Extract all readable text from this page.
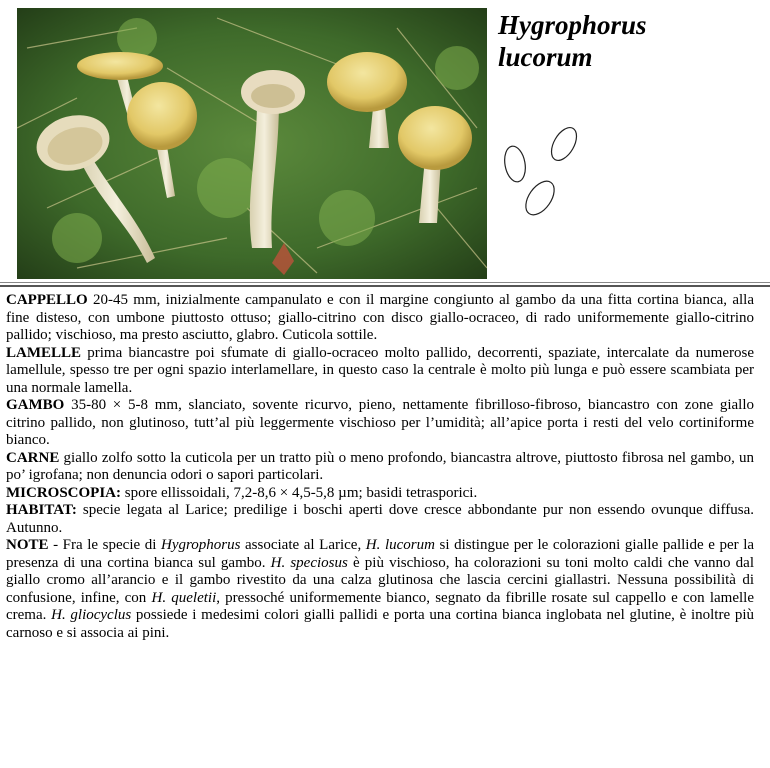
Hygrophorus
lucorum

CAPPELLO 20-45 mm, inizialmente campanulato e con il margine congiunto al gambo da una fitta cortina bianca, alla fine disteso, con umbone piuttosto ottuso; giallo-citrino con disco giallo-ocraceo, di rado uniformemente giallo-citrino pallido; vischioso, ma presto asciutto, glabro. Cuticola sottile.

LAMELLE prima biancastre poi sfumate di giallo-ocraceo molto pallido, decorrenti, spaziate, intercalate da numerose lamellule, spesso tre per ogni spazio interlamellare, in questo caso la centrale è molto più lunga e può essere scambiata per una normale lamella.

GAMBO 35-80 × 5-8 mm, slanciato, sovente ricurvo, pieno, nettamente fibrilloso-fibroso, biancastro con zone giallo citrino pallido, non glutinoso, tutt’al più leggermente vischioso per l’umidità; all’apice porta i resti del velo cortiniforme bianco.

CARNE giallo zolfo sotto la cuticola per un tratto più o meno profondo, biancastra altrove, piuttosto fibrosa nel gambo, un po’ igrofana; non denuncia odori o sapori particolari.

MICROSCOPIA: spore ellissoidali, 7,2-8,6 × 4,5-5,8 µm; basidi tetrasporici.

HABITAT: specie legata al Larice; predilige i boschi aperti dove cresce abbondante pur non essendo ovunque diffusa. Autunno.

NOTE - Fra le specie di Hygrophorus associate al Larice, H. lucorum si distingue per le colorazioni gialle pallide e per la presenza di una cortina bianca sul gambo. H. speciosus è più vischioso, ha colorazioni su toni molto caldi che vanno dal giallo cromo all’arancio e il gambo rivestito da una calza glutinosa che lascia cercini giallastri. Nessuna possibilità di confusione, infine, con H. queletii, pressoché uniformemente bianco, segnato da fibrille rosate sul cappello e con lamelle crema. H. gliocyclus possiede i medesimi colori gialli pallidi e porta una cortina bianca inglobata nel glutine, è inoltre più carnoso e si associa ai pini.
